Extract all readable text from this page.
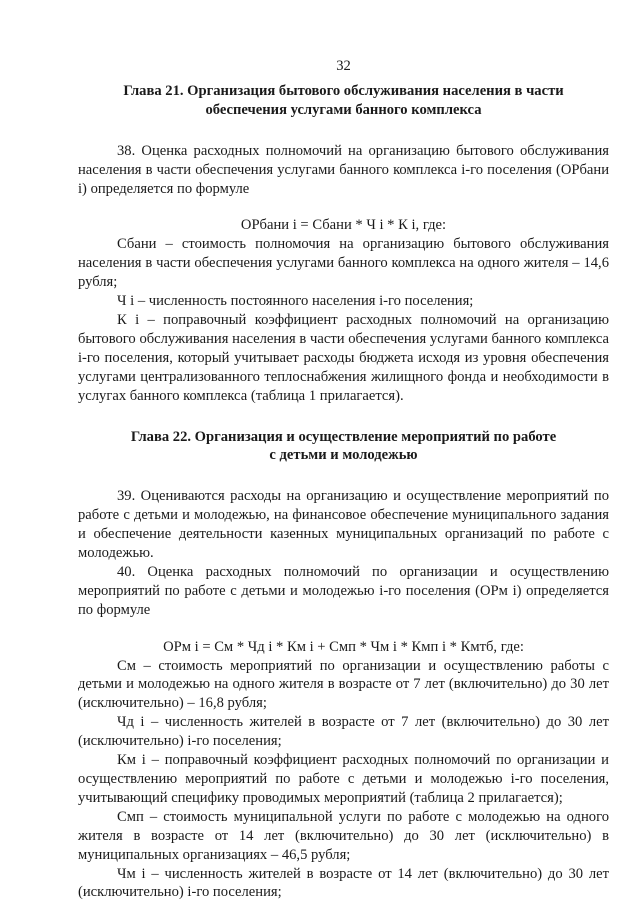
32
Глава 21. Организация бытового обслуживания населения в части
обеспечения услугами банного комплекса

38. Оценка расходных полномочий на организацию бытового обслуживания населения в части обеспечения услугами банного комплекса i-го поселения (ОРбани i) определяется по формуле

ОРбани i = Сбани * Ч i * К i, где:

Сбани – стоимость полномочия на организацию бытового обслуживания населения в части обеспечения услугами банного комплекса на одного жителя – 14,6 рубля;

Ч i – численность постоянного населения i-го поселения;

К i – поправочный коэффициент расходных полномочий на организацию бытового обслуживания населения в части обеспечения услугами банного комплекса i-го поселения, который учитывает расходы бюджета исходя из уровня обеспечения услугами централизованного теплоснабжения жилищного фонда и необходимости в услугах банного комплекса (таблица 1 прилагается).

Глава 22. Организация и осуществление мероприятий по работе
с детьми и молодежью

39. Оцениваются расходы на организацию и осуществление мероприятий по работе с детьми и молодежью, на финансовое обеспечение муниципального задания и обеспечение деятельности казенных муниципальных организаций по работе с молодежью.

40. Оценка расходных полномочий по организации и осуществлению мероприятий по работе с детьми и молодежью i-го поселения (ОРм i) определяется по формуле

ОРм i = См * Чд i * Км i + Смп * Чм i * Кмп i * Кмтб, где:

См – стоимость мероприятий по организации и осуществлению работы с детьми и молодежью на одного жителя в возрасте от 7 лет (включительно) до 30 лет (исключительно) – 16,8 рубля;

Чд i – численность жителей в возрасте от 7 лет (включительно) до 30 лет (исключительно) i-го поселения;

Км i – поправочный коэффициент расходных полномочий по организации и осуществлению мероприятий по работе с детьми и молодежью i-го поселения, учитывающий специфику проводимых мероприятий (таблица 2 прилагается);

Смп – стоимость муниципальной услуги по работе с молодежью на одного жителя в возрасте от 14 лет (включительно) до 30 лет (исключительно) в муниципальных организациях – 46,5 рубля;

Чм i – численность жителей в возрасте от 14 лет (включительно) до 30 лет (исключительно) i-го поселения;
